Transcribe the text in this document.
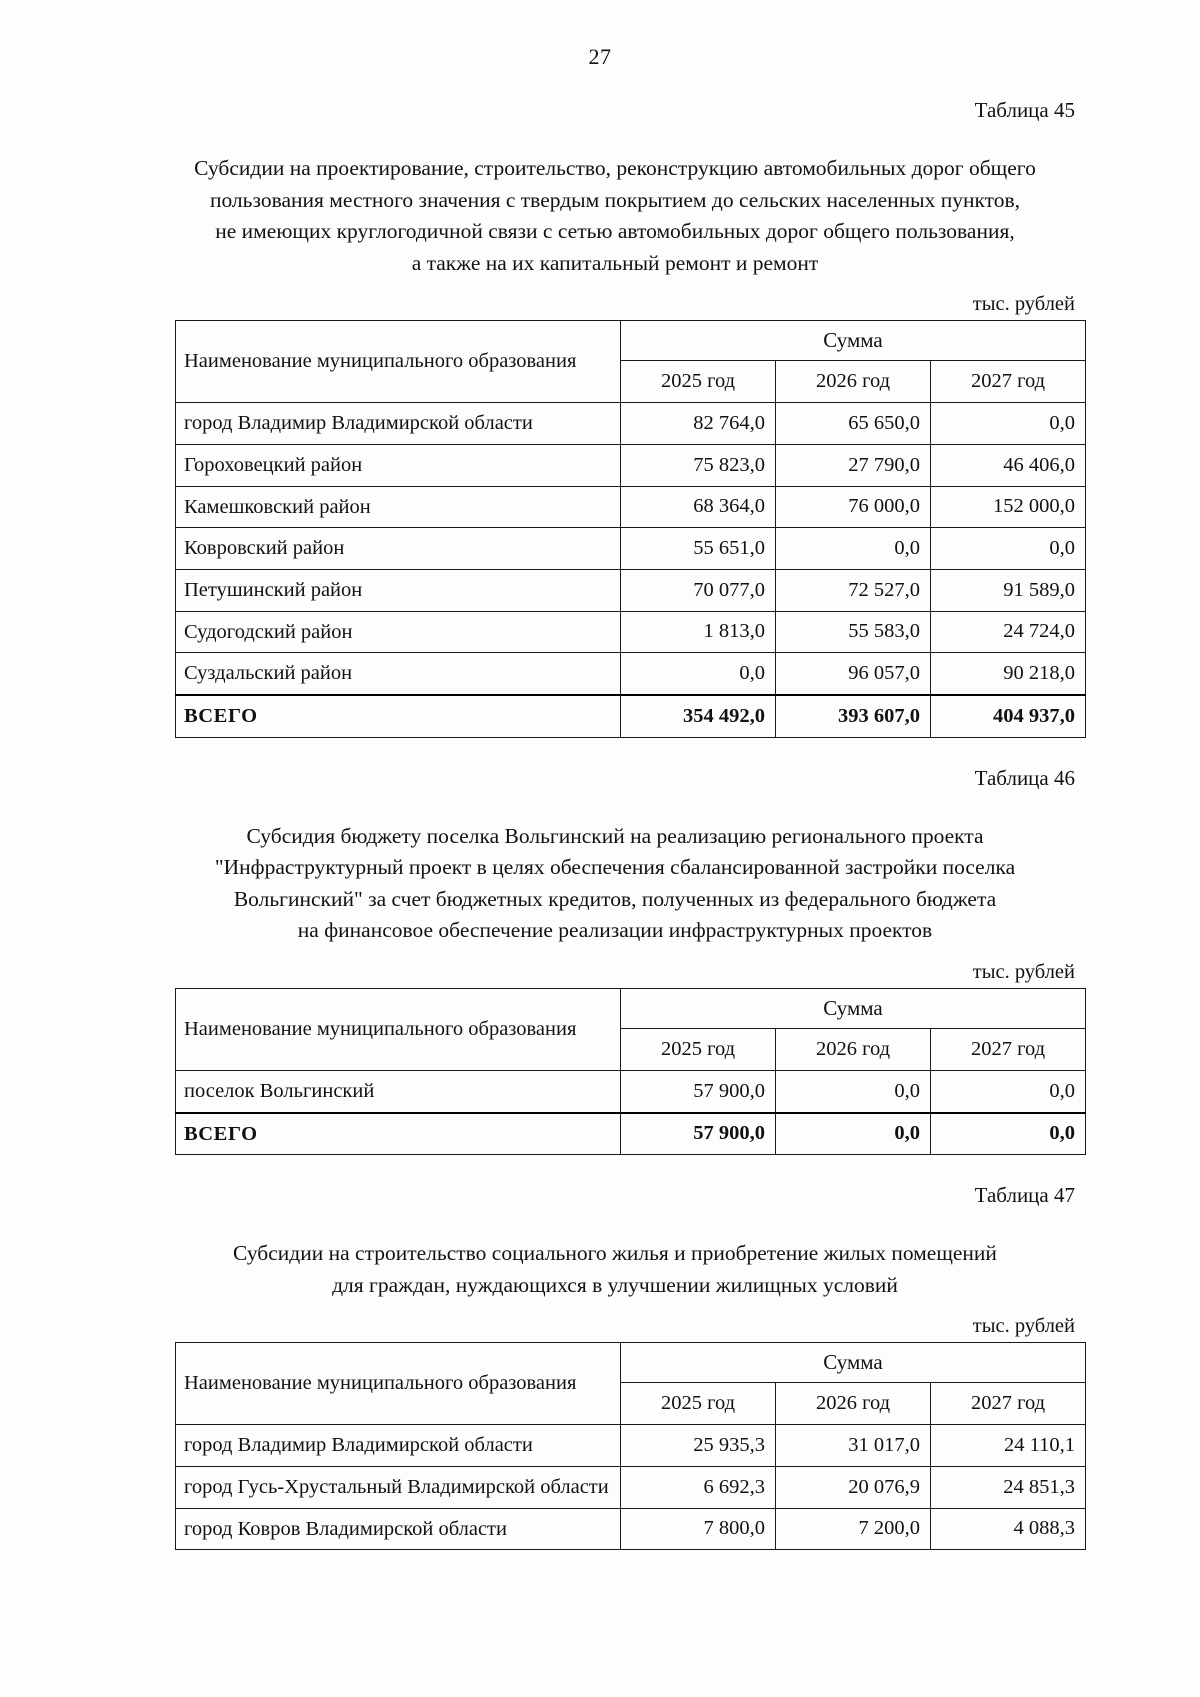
27
Таблица 45
Субсидии на проектирование, строительство, реконструкцию автомобильных дорог общего
пользования местного значения с твердым покрытием до сельских населенных пунктов,
не имеющих круглогодичной связи с сетью автомобильных дорог общего пользования,
а также на их капитальный ремонт и ремонт
тыс. рублей
Наименование муниципального образования	Сумма		
	2025 год	2026 год	2027 год
город Владимир Владимирской области	82 764,0	65 650,0	0,0
Гороховецкий район	75 823,0	27 790,0	46 406,0
Камешковский район	68 364,0	76 000,0	152 000,0
Ковровский район	55 651,0	0,0	0,0
Петушинский район	70 077,0	72 527,0	91 589,0
Судогодский район	1 813,0	55 583,0	24 724,0
Суздальский район	0,0	96 057,0	90 218,0
ВСЕГО	354 492,0	393 607,0	404 937,0
Таблица 46
Субсидия бюджету поселка Вольгинский на реализацию регионального проекта
"Инфраструктурный проект в целях обеспечения сбалансированной застройки поселка
Вольгинский" за счет бюджетных кредитов, полученных из федерального бюджета
на финансовое обеспечение реализации инфраструктурных проектов
тыс. рублей
Наименование муниципального образования	Сумма		
	2025 год	2026 год	2027 год
поселок Вольгинский	57 900,0	0,0	0,0
ВСЕГО	57 900,0	0,0	0,0
Таблица 47
Субсидии на строительство социального жилья и приобретение жилых помещений
для граждан, нуждающихся в улучшении жилищных условий
тыс. рублей
Наименование муниципального образования	Сумма		
	2025 год	2026 год	2027 год
город Владимир Владимирской области	25 935,3	31 017,0	24 110,1
город Гусь-Хрустальный Владимирской области	6 692,3	20 076,9	24 851,3
город Ковров Владимирской области	7 800,0	7 200,0	4 088,3
